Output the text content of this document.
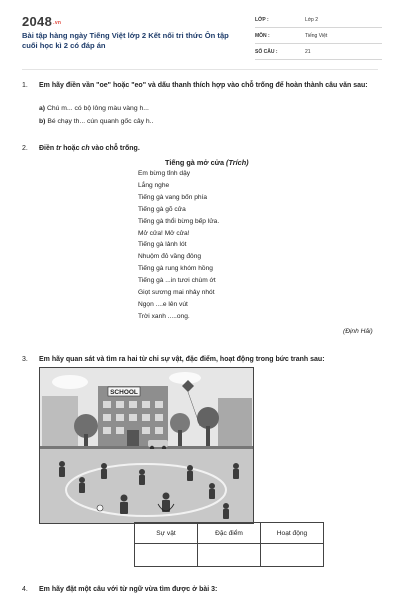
$2048^{.vn}$
Bài tập hàng ngày Tiếng Việt lớp 2 Kết nối tri thức Ôn tập cuối học kì 2 có đáp án
LỚP :	Lớp 2
MÔN :	Tiếng Việt
SỐ CÂU :	21
1. Em hãy điền vần "oe" hoặc "eo" và dấu thanh thích hợp vào chỗ trống để hoàn thành câu văn sau:
a) Chú m... có bộ lông màu vàng h...
b) Bé chạy th... cún quanh gốc cây h..
2. Điền tr hoặc ch vào chỗ trống.
Tiếng gà mở cửa (Trích)
Em bừng tỉnh dậy
Lắng nghe
Tiếng gà vang bốn phía
Tiếng gà gõ cửa
Tiếng gà thổi bừng bếp lửa.
Mở cửa! Mở cửa!
Tiếng gà lảnh lót
Nhuộm đỏ vầng đông
Tiếng gà rung khóm hồng
Tiếng gà ...in tươi chùm ớt
Giọt sương mai nhảy nhót
Ngọn ....e lên vút
Trời xanh .....ong.
(Định Hải)
3. Em hãy quan sát và tìm ra hai từ chỉ sự vật, đặc điểm, hoạt động trong bức tranh sau:
SCHOOL
Sự vật	Đặc điểm	Hoạt động

4. Em hãy đặt một câu với từ ngữ vừa tìm được ở bài 3:
